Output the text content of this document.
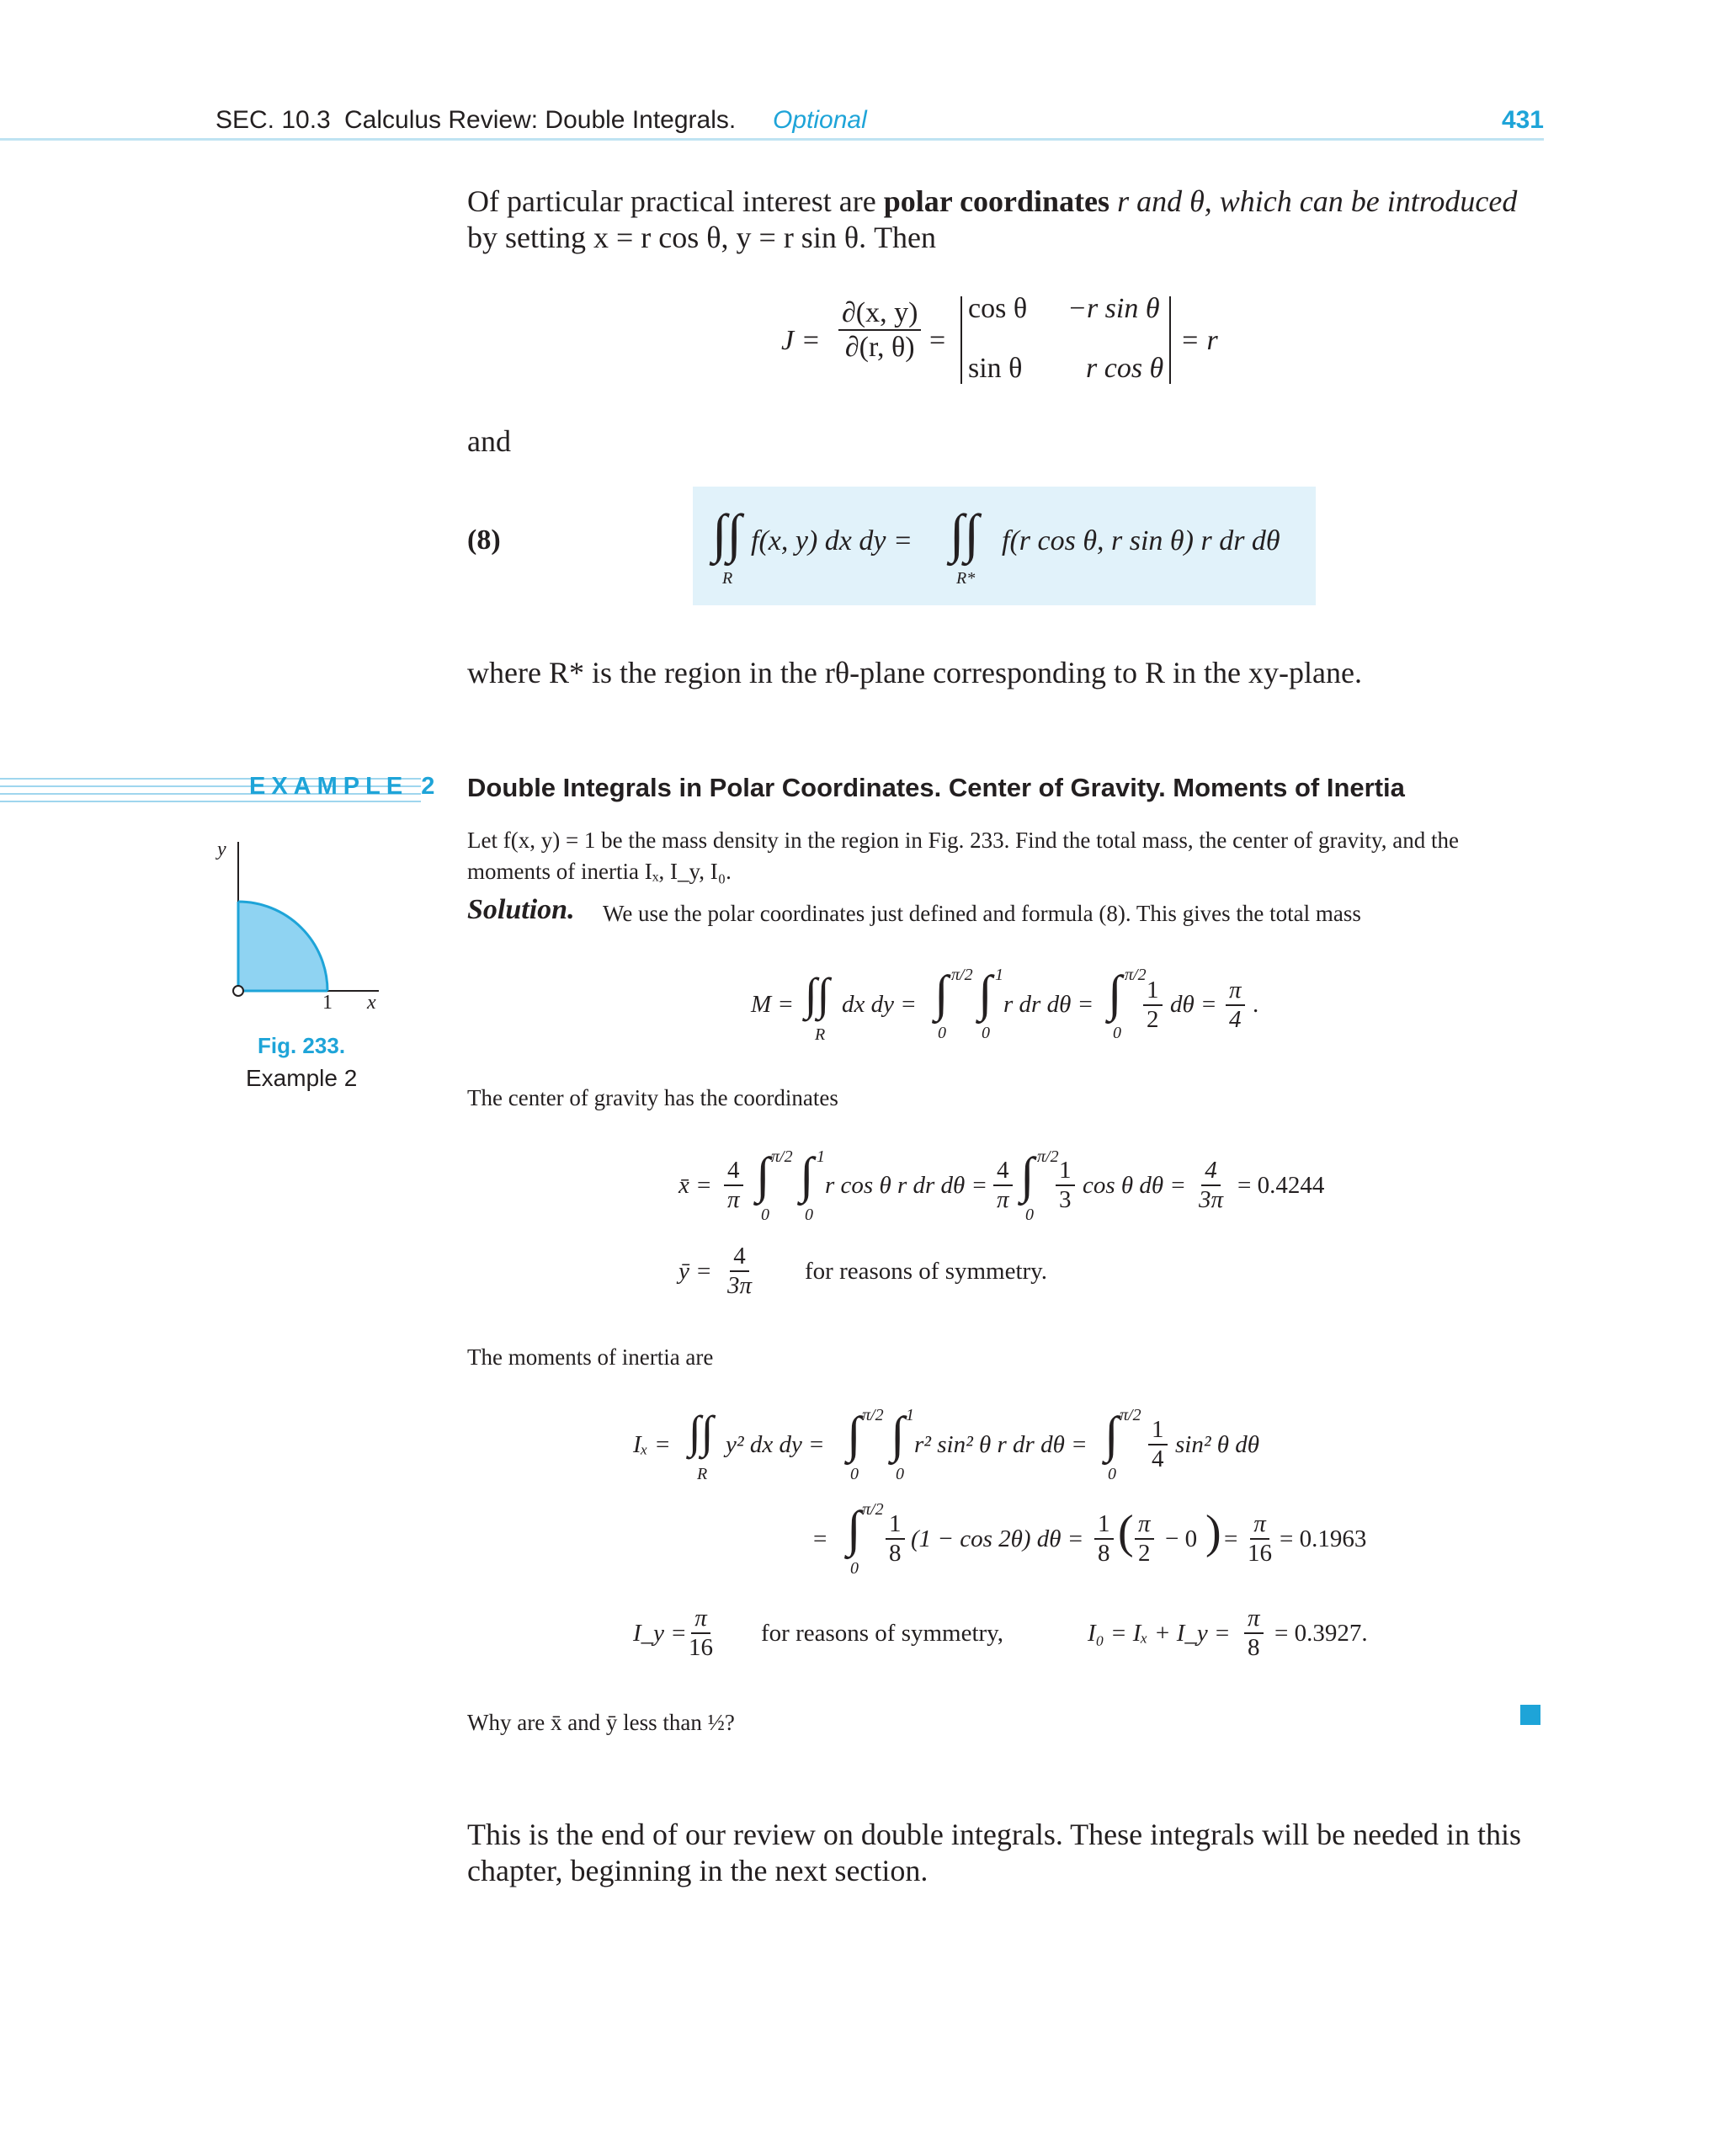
SEC. 10.3 Calculus Review: Double Integrals. Optional	431
Of particular practical interest are polar coordinates r and θ, which can be introduced
by setting x = r cos θ, y = r sin θ. Then
$J = \frac{\partial(x, y)}{\partial(r, \theta)}$ =
cos θ −r sin θ
sin θ r cos θ
= r
and
(8)	∫∫
R
f(x, y) dx dy = ∫∫
R*
f(r cos θ, r sin θ) r dr dθ
where R* is the region in the rθ-plane corresponding to R in the xy-plane.
EXAMPLE 2 Double Integrals in Polar Coordinates. Center of Gravity. Moments of Inertia
Let f(x, y) = 1 be the mass density in the region in Fig. 233. Find the total mass, the center of gravity, and the
moments of inertia Iₓ, I_y, I₀.
Solution. We use the polar coordinates just defined and formula (8). This gives the total mass
y
x
1
Fig. 233.
Example 2
M = ∫∫
R
dx dy = ∫ π/2
0
∫ 1
0
r dr dθ = ∫ π/2
$0 \frac{1}{2}$ $d\theta = \frac{\pi}{4}$ .
The center of gravity has the coordinates
x̄ = $\frac{4}{\pi}$ ∫ π/2
0
∫ 1
0
r cos θ r dr $d\theta = \frac{4}{\pi}$ ∫ π/2
0
$\frac{1}{3}$ cos θ $d\theta = \frac{4}{3\pi} = 0.4244$
ȳ = $\frac{4}{3\pi}$ for reasons of symmetry.
The moments of inertia are
Iₓ = ∫∫
R
y² dx dy = ∫ π/2
0
∫ 1
0
r² sin² θ r dr dθ = ∫ π/2
0
$\frac{1}{4} \sin^2$ θ dθ
= ∫ π/2
0
$\frac{1}{8} (1 - \cos 2\theta) d\theta = \frac{1}{8}$ ( $\frac{\pi}{2} - 0$ ) = $\frac{\pi}{16} = 0.1963$
I_y =
$\frac{\pi}{16}$ for reasons of symmetry,	I₀ = Iₓ + I_y = $\frac{\pi}{8} = 0.3927$.
Why are x̄ and ȳ less than ½?
This is the end of our review on double integrals. These integrals will be needed in this
chapter, beginning in the next section.
